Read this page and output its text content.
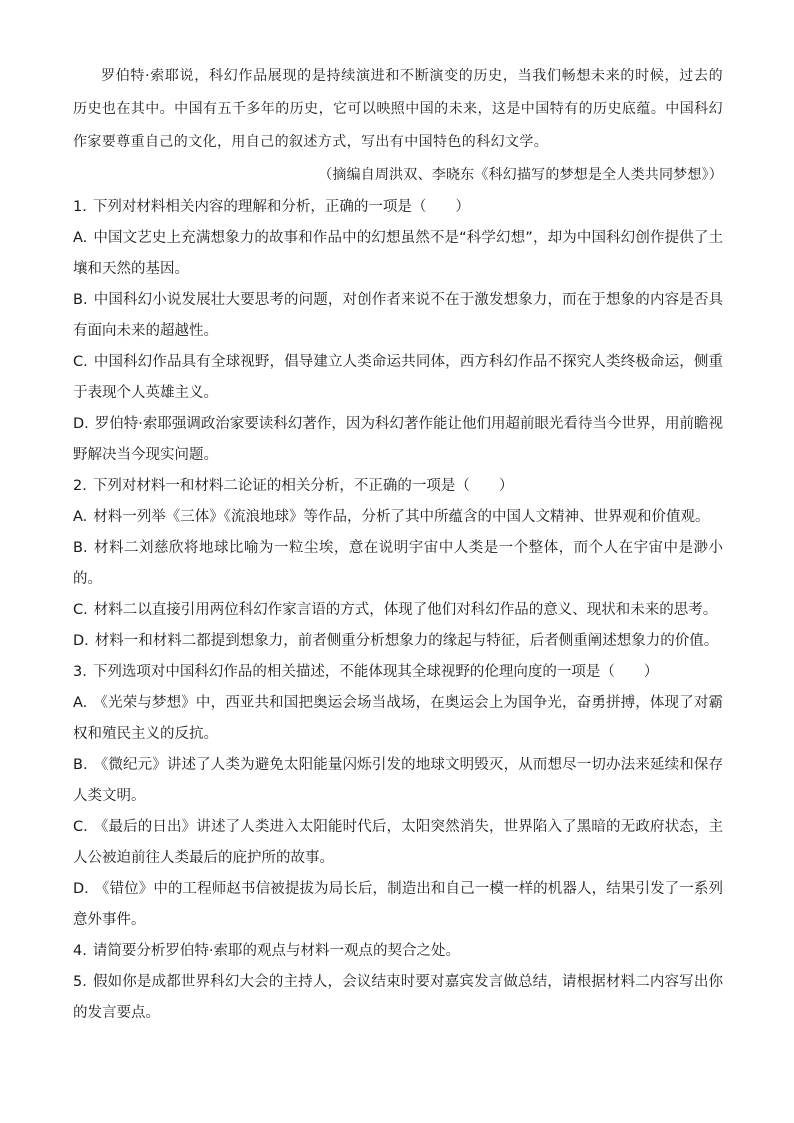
罗伯特·索耶说，科幻作品展现的是持续演进和不断演变的历史，当我们畅想未来的时候，过去的历史也在其中。中国有五千多年的历史，它可以映照中国的未来，这是中国特有的历史底蕴。中国科幻作家要尊重自己的文化，用自己的叙述方式，写出有中国特色的科幻文学。

（摘编自周洪双、李晓东《科幻描写的梦想是全人类共同梦想》）

1. 下列对材料相关内容的理解和分析，正确的一项是（　　）

A. 中国文艺史上充满想象力的故事和作品中的幻想虽然不是“科学幻想”，却为中国科幻创作提供了土壤和天然的基因。

B. 中国科幻小说发展壮大要思考的问题，对创作者来说不在于激发想象力，而在于想象的内容是否具有面向未来的超越性。

C. 中国科幻作品具有全球视野，倡导建立人类命运共同体，西方科幻作品不探究人类终极命运，侧重于表现个人英雄主义。

D. 罗伯特·索耶强调政治家要读科幻著作，因为科幻著作能让他们用超前眼光看待当今世界，用前瞻视野解决当今现实问题。

2. 下列对材料一和材料二论证的相关分析，不正确的一项是（　　）

A. 材料一列举《三体》《流浪地球》等作品，分析了其中所蕴含的中国人文精神、世界观和价值观。

B. 材料二刘慈欣将地球比喻为一粒尘埃，意在说明宇宙中人类是一个整体，而个人在宇宙中是渺小的。

C. 材料二以直接引用两位科幻作家言语的方式，体现了他们对科幻作品的意义、现状和未来的思考。

D. 材料一和材料二都提到想象力，前者侧重分析想象力的缘起与特征，后者侧重阐述想象力的价值。

3. 下列选项对中国科幻作品的相关描述，不能体现其全球视野的伦理向度的一项是（　　）

A. 《光荣与梦想》中，西亚共和国把奥运会场当战场，在奥运会上为国争光，奋勇拼搏，体现了对霸权和殖民主义的反抗。

B. 《微纪元》讲述了人类为避免太阳能量闪烁引发的地球文明毁灭，从而想尽一切办法来延续和保存人类文明。

C. 《最后的日出》讲述了人类进入太阳能时代后，太阳突然消失，世界陷入了黑暗的无政府状态，主人公被迫前往人类最后的庇护所的故事。

D. 《错位》中的工程师赵书信被提拔为局长后，制造出和自己一模一样的机器人，结果引发了一系列意外事件。

4. 请简要分析罗伯特·索耶的观点与材料一观点的契合之处。

5. 假如你是成都世界科幻大会的主持人，会议结束时要对嘉宾发言做总结，请根据材料二内容写出你的发言要点。
